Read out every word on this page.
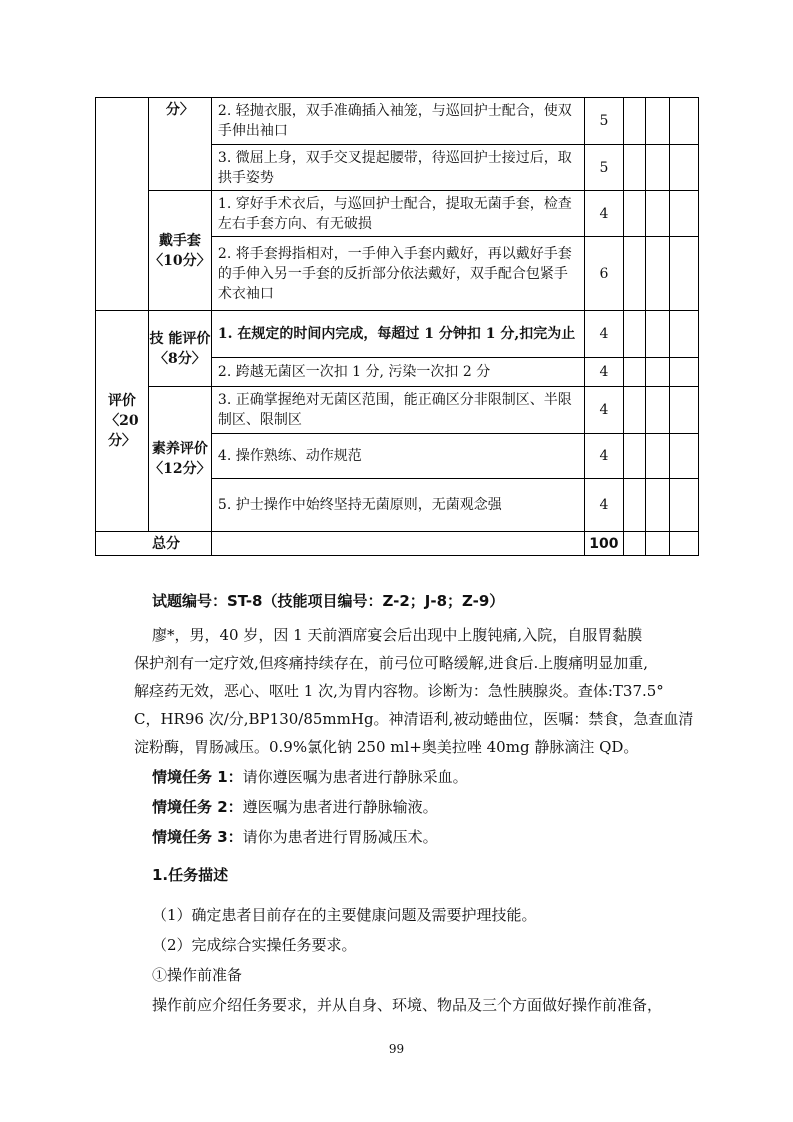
	分〉	2. 轻抛衣服，双手准确插入袖笼，与巡回护士配合，使双手伸出袖口	5			
		3. 微屈上身，双手交叉提起腰带，待巡回护士接过后，取拱手姿势	5			
	戴手套〈10分〉	1. 穿好手术衣后，与巡回护士配合，提取无菌手套，检查左右手套方向、有无破损	4			
		2. 将手套拇指相对，一手伸入手套内戴好，再以戴好手套的手伸入另一手套的反折部分依法戴好，双手配合包紧手术衣袖口	6			
评价〈20分〉	技 能评价〈8分〉	1. 在规定的时间内完成，每超过 1 分钟扣 1 分,扣完为止	4			
		2. 跨越无菌区一次扣 1 分, 污染一次扣 2 分	4			
	素养评价 〈12分〉	3. 正确掌握绝对无菌区范围，能正确区分非限制区、半限制区、限制区	4			
		4. 操作熟练、动作规范	4			
		5. 护士操作中始终坚持无菌原则，无菌观念强	4			
总分			100			
试题编号：ST-8（技能项目编号：Z-2；J-8；Z-9）
廖*，男，40 岁，因 1 天前酒席宴会后出现中上腹钝痛,入院，自服胃黏膜
保护剂有一定疗效,但疼痛持续存在，前弓位可略缓解,进食后.上腹痛明显加重,
解痉药无效，恶心、呕吐 1 次,为胃内容物。诊断为：急性胰腺炎。查体:T37.5°
C，HR96 次/分,BP130/85mmHg。神清语利,被动蜷曲位，医嘱：禁食，急查血清
淀粉酶，胃肠减压。0.9%氯化钠 250 ml+奥美拉唑 40mg 静脉滴注 QD。
情境任务 1：请你遵医嘱为患者进行静脉采血。
情境任务 2：遵医嘱为患者进行静脉输液。
情境任务 3：请你为患者进行胃肠减压术。
1.任务描述
（1）确定患者目前存在的主要健康问题及需要护理技能。
（2）完成综合实操任务要求。
①操作前准备
操作前应介绍任务要求，并从自身、环境、物品及三个方面做好操作前准备，
99
